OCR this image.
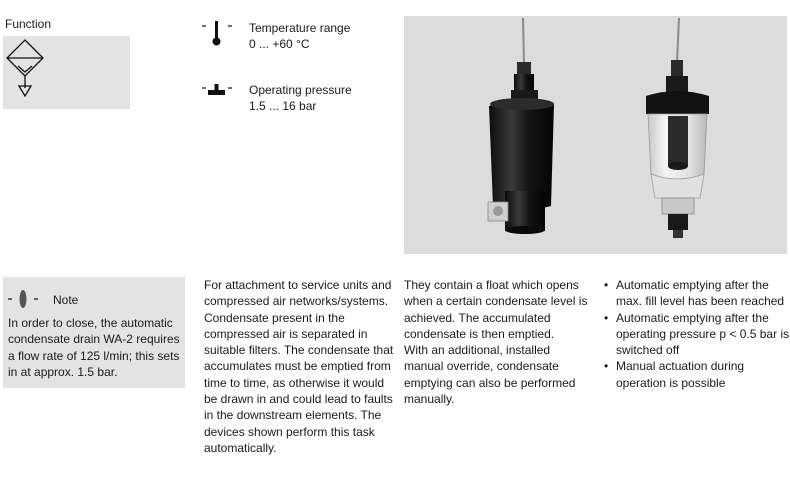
Function	Temperature range
0 ... +60 °C
Operating pressure
1.5 ... 16 bar
Note
In order to close, the automatic condensate drain WA-2 requires a flow rate of 125 l/min; this sets in at approx. 1.5 bar.
For attachment to service units and compressed air networks/systems. Condensate present in the compressed air is separated in suitable filters. The condensate that accumulates must be emptied from time to time, as otherwise it would be drawn in and could lead to faults in the downstream elements. The devices shown perform this task automatically.

They contain a float which opens when a certain condensate level is achieved. The accumulated condensate is then emptied.

With an additional, installed manual override, condensate emptying can also be performed manually.

• Automatic emptying after the max. fill level has been reached
• Automatic emptying after the operating pressure p < 0.5 bar is switched off
• Manual actuation during operation is possible
